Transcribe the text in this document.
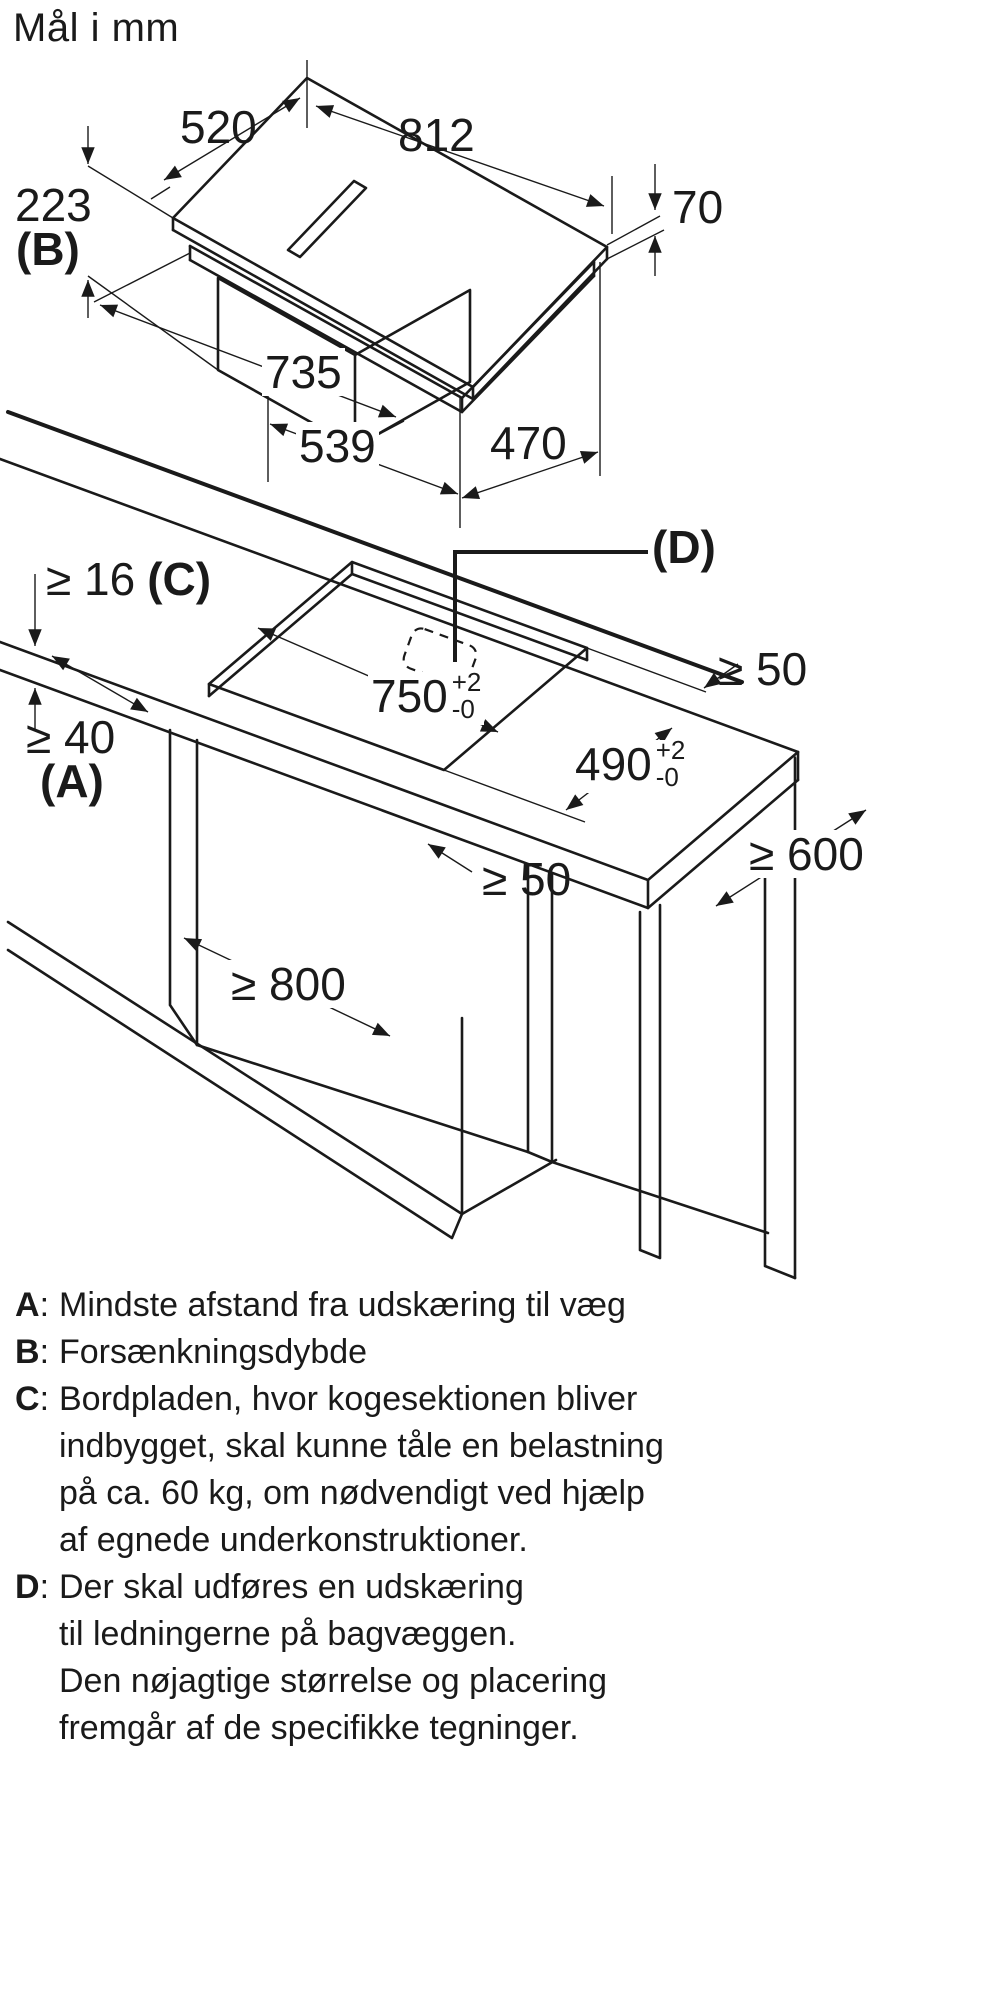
Mål i mm
520	812
223
(B)
70
735
539 470
≥ 16 (C)
(D)
≥ 50
750 +2
-0
490 +2
-0
≥ 40
(A)
≥ 50	≥ 600
≥ 800
A: Mindste afstand fra udskæring til væg
B: Forsænkningsdybde
C: Bordpladen, hvor kogesektionen bliver
indbygget, skal kunne tåle en belastning
på ca. 60 kg, om nødvendigt ved hjælp
af egnede underkonstruktioner.
D: Der skal udføres en udskæring
til ledningerne på bagvæggen.
Den nøjagtige størrelse og placering
fremgår af de specifikke tegninger.
